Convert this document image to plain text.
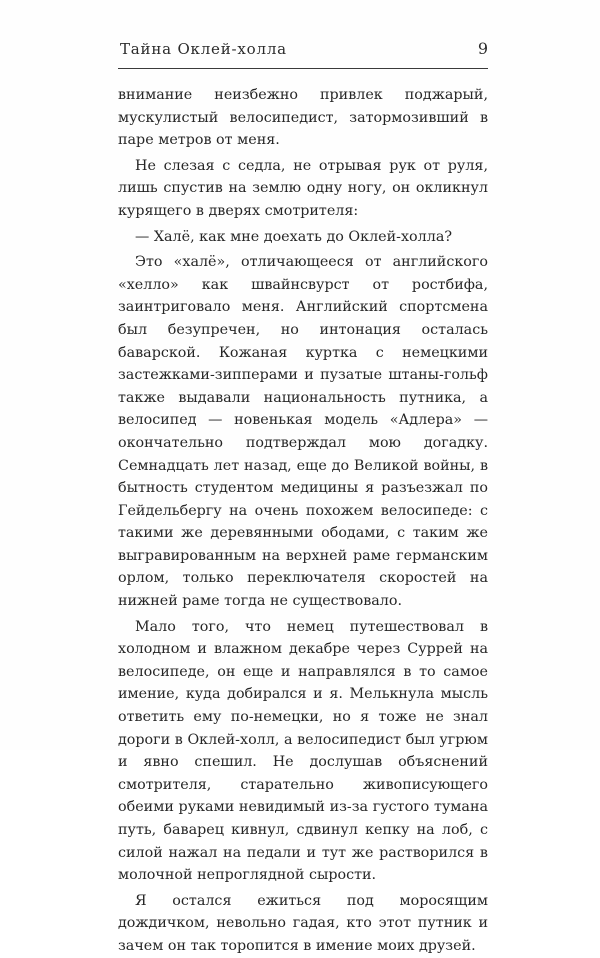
Тайна Оклей-холла	9

внимание неизбежно привлек поджарый, мускулистый велосипедист, затормозивший в паре метров от меня.

Не слезая с седла, не отрывая рук от руля, лишь спустив на землю одну ногу, он окликнул курящего в дверях смотрителя:

— Халё, как мне доехать до Оклей-холла?

Это «халё», отличающееся от английского «хелло» как швайнсвурст от ростбифа, заинтриговало меня. Английский спортсмена был безупречен, но интонация осталась баварской. Кожаная куртка с немецкими застежками-зипперами и пузатые штаны-гольф также выдавали национальность путника, а велосипед — новенькая модель «Адлера» — окончательно подтверждал мою догадку. Семнадцать лет назад, еще до Великой войны, в бытность студентом медицины я разъезжал по Гейдельбергу на очень похожем велосипеде: с такими же деревянными ободами, с таким же выгравированным на верхней раме германским орлом, только переключателя скоростей на нижней раме тогда не существовало.

Мало того, что немец путешествовал в холодном и влажном декабре через Суррей на велосипеде, он еще и направлялся в то самое имение, куда добирался и я. Мелькнула мысль ответить ему по-немецки, но я тоже не знал дороги в Оклей-холл, а велосипедист был угрюм и явно спешил. Не дослушав объяснений смотрителя, старательно живописующего обеими руками невидимый из-за густого тумана путь, баварец кивнул, сдвинул кепку на лоб, с силой нажал на педали и тут же растворился в молочной непроглядной сырости.

Я остался ежиться под моросящим дождичком, невольно гадая, кто этот путник и зачем он так торопится в имение моих друзей.
